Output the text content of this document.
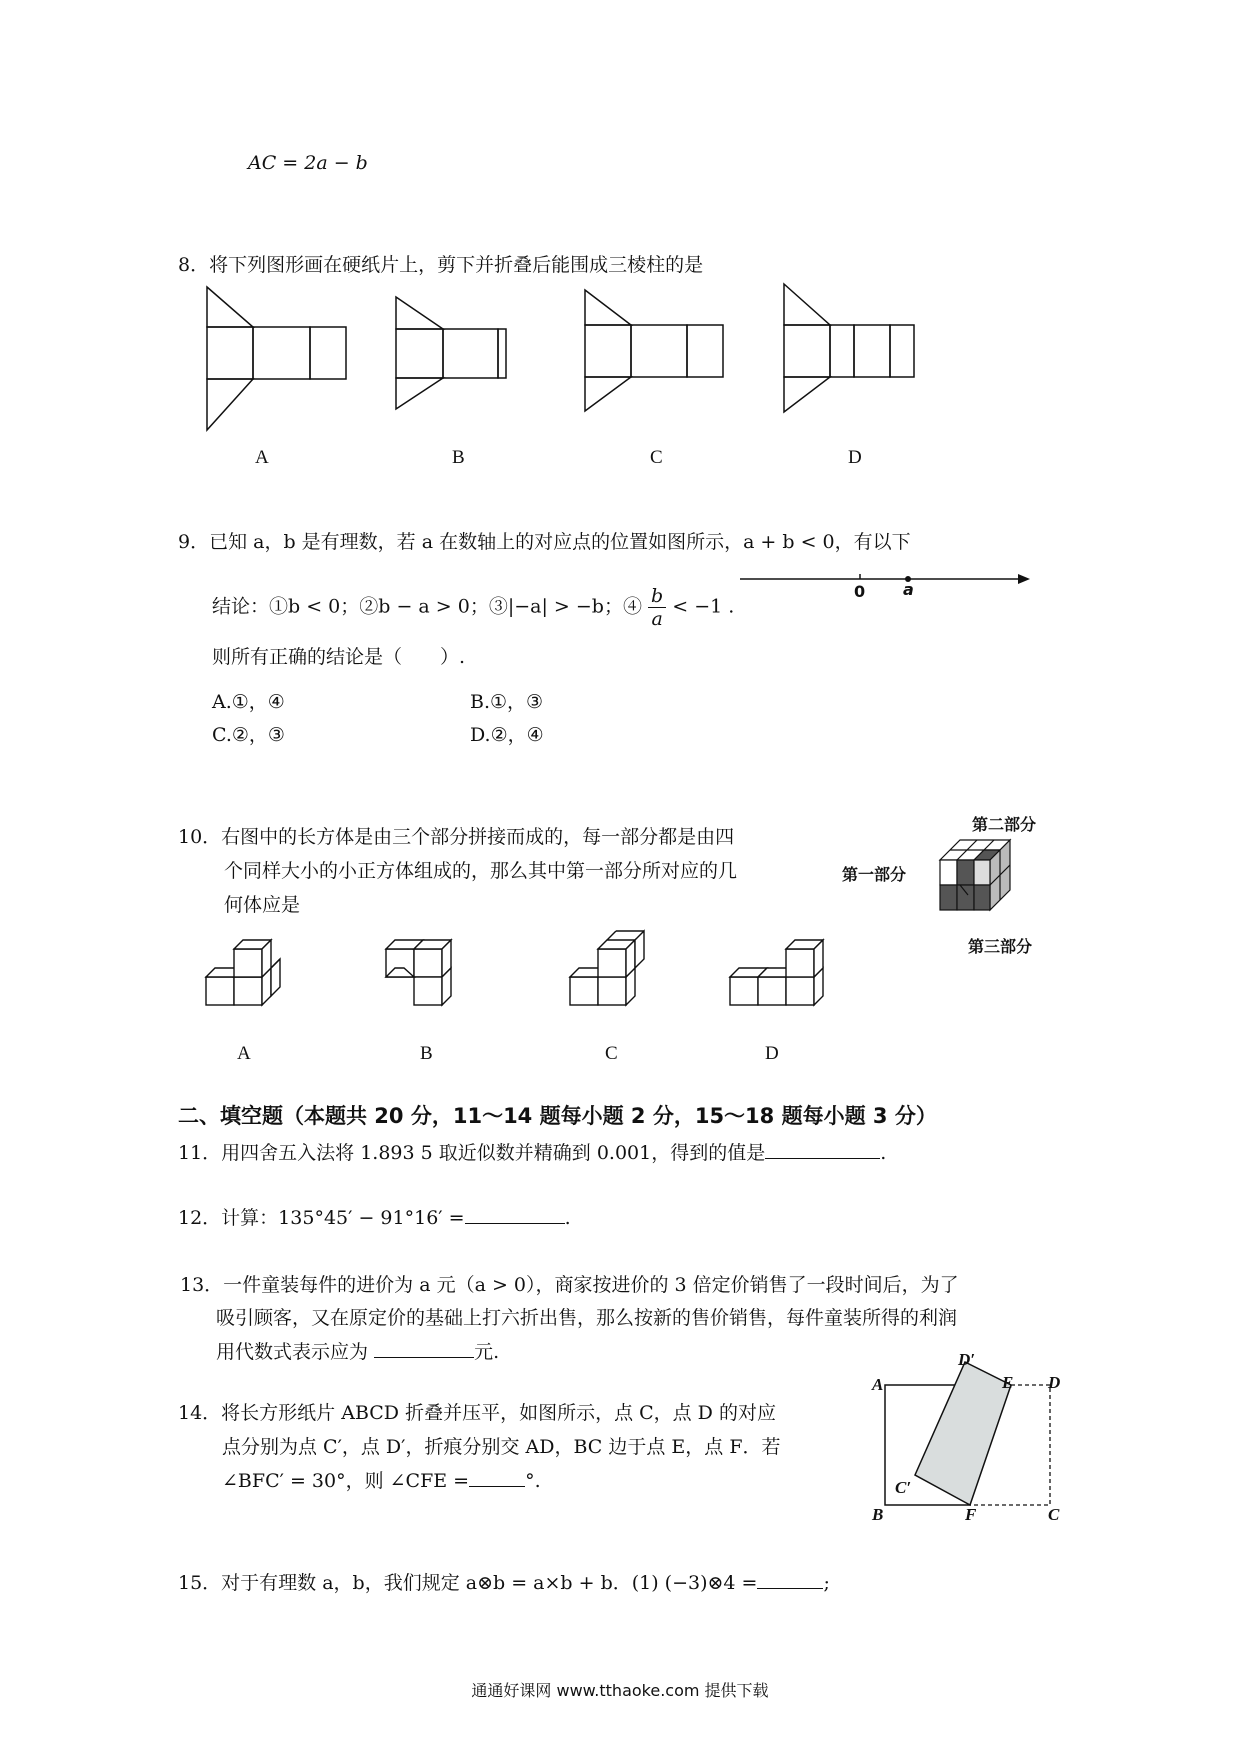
AC = 2a − b
8．将下列图形画在硬纸片上，剪下并折叠后能围成三棱柱的是
A	B	C	D
9．已知 a，b 是有理数，若 a 在数轴上的对应点的位置如图所示，a + b < 0，有以下
结论：①b < 0；②b − a > 0；③|−a| > −b；④ $\frac{b}{a} < -1$ .
0 a
则所有正确的结论是（　　）.
A.①，④	B.①，③
C.②，③	D.②，④
10．右图中的长方体是由三个部分拼接而成的，每一部分都是由四
个同样大小的小正方体组成的，那么其中第一部分所对应的几
何体应是
第二部分
第一部分
第三部分
A	B	C	D
二、填空题（本题共 20 分，11～14 题每小题 2 分，15～18 题每小题 3 分）
11．用四舍五入法将 1.893 5 取近似数并精确到 0.001，得到的值是	.
12．计算：135°45′ − 91°16′ =	.
13．一件童装每件的进价为 a 元（a > 0），商家按进价的 3 倍定价销售了一段时间后，为了
吸引顾客，又在原定价的基础上打六折出售，那么按新的售价销售，每件童装所得的利润
用代数式表示应为	元.
14．将长方形纸片 ABCD 折叠并压平，如图所示，点 C，点 D 的对应
点分别为点 C′，点 D′，折痕分别交 AD，BC 边于点 E，点 F．若
∠BFC′ = 30°，则 ∠CFE =	°.
A	D
E
D′
C′
B	F	C
15．对于有理数 a，b，我们规定 a⊗b = a×b + b．(1) (−3)⊗4 =	;
通通好课网 www.tthaoke.com 提供下载
